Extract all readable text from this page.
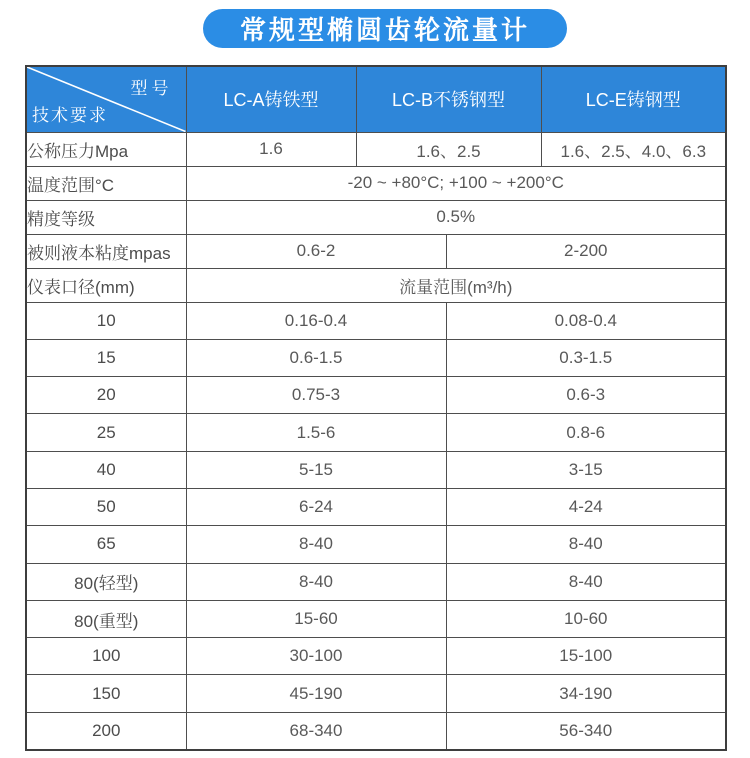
常规型椭圆齿轮流量计
型号
技术要求	LC-A铸铁型	LC-B不锈钢型		LC-E铸钢型
公称压力Mpa	1.6	1.6、2.5		1.6、2.5、4.0、6.3
温度范围°C	-20 ~ +80°C; +100 ~ +200°C			
精度等级	0.5%			
被则液本粘度mpas	0.6-2		2-200	
仪表口径(mm)	流量范围(m³/h)			
10	0.16-0.4		0.08-0.4	
15	0.6-1.5		0.3-1.5	
20	0.75-3		0.6-3	
25	1.5-6		0.8-6	
40	5-15		3-15	
50	6-24		4-24	
65	8-40		8-40	
80(轻型)	8-40		8-40	
80(重型)	15-60		10-60	
100	30-100		15-100	
150	45-190		34-190	
200	68-340		56-340	
